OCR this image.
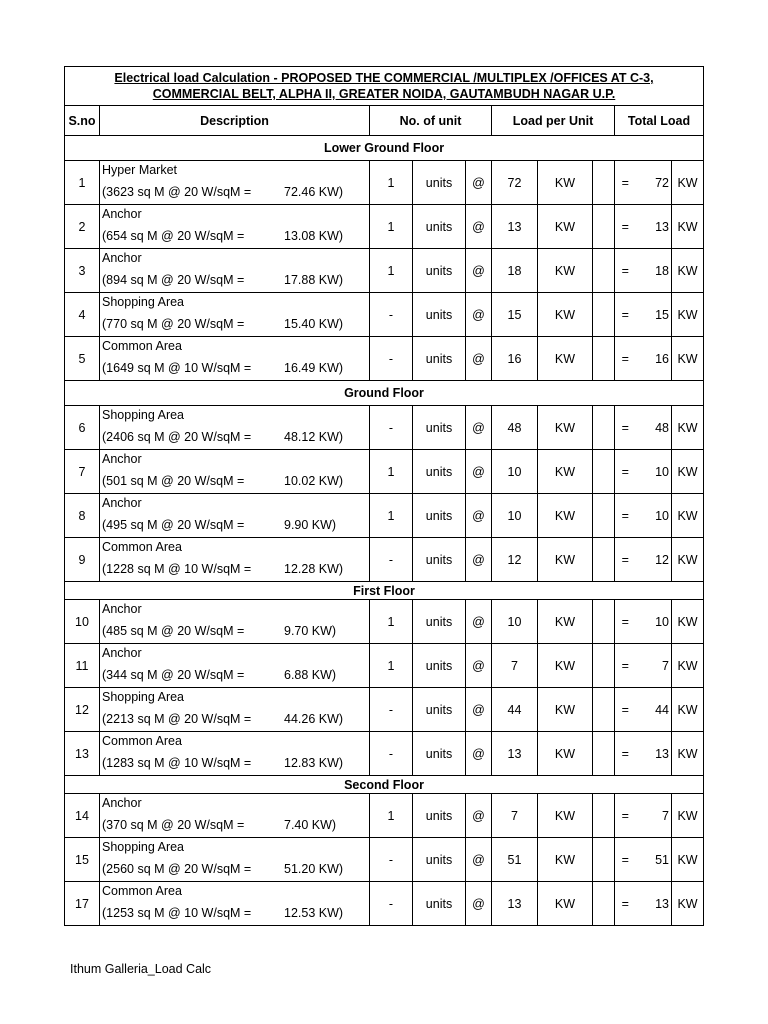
Electrical load Calculation - PROPOSED THE COMMERCIAL /MULTIPLEX /OFFICES AT C-3,
COMMERCIAL BELT, ALPHA II, GREATER NOIDA, GAUTAMBUDH NAGAR U.P.										

S.no	Description	No. of unit			Load per Unit			Total Load		
Lower Ground Floor										
1	Hyper Market
(3623 sq M @ 20 W/sqM = 72.46 KW)	1	units	@	72	KW		=	72	KW
2	Anchor
(654 sq M @ 20 W/sqM = 13.08 KW)	1	units	@	13	KW		=	13	KW
3	Anchor
(894 sq M @ 20 W/sqM = 17.88 KW)	1	units	@	18	KW		=	18	KW
4	Shopping Area
(770 sq M @ 20 W/sqM = 15.40 KW)	-	units	@	15	KW		=	15	KW
5	Common Area
(1649 sq M @ 10 W/sqM = 16.49 KW)	-	units	@	16	KW		=	16	KW
Ground Floor										
6	Shopping Area
(2406 sq M @ 20 W/sqM = 48.12 KW)	-	units	@	48	KW		=	48	KW
7	Anchor
(501 sq M @ 20 W/sqM = 10.02 KW)	1	units	@	10	KW		=	10	KW
8	Anchor
(495 sq M @ 20 W/sqM = 9.90 KW)	1	units	@	10	KW		=	10	KW
9	Common Area
(1228 sq M @ 10 W/sqM = 12.28 KW)	-	units	@	12	KW		=	12	KW
First Floor										
10	Anchor
(485 sq M @ 20 W/sqM = 9.70 KW)	1	units	@	10	KW		=	10	KW
11	Anchor
(344 sq M @ 20 W/sqM = 6.88 KW)	1	units	@	7	KW		=	7	KW
12	Shopping Area
(2213 sq M @ 20 W/sqM = 44.26 KW)	-	units	@	44	KW		=	44	KW
13	Common Area
(1283 sq M @ 10 W/sqM = 12.83 KW)	-	units	@	13	KW		=	13	KW
Second Floor										
14	Anchor
(370 sq M @ 20 W/sqM = 7.40 KW)	1	units	@	7	KW		=	7	KW
15	Shopping Area
(2560 sq M @ 20 W/sqM = 51.20 KW)	-	units	@	51	KW		=	51	KW
17	Common Area
(1253 sq M @ 10 W/sqM = 12.53 KW)	-	units	@	13	KW		=	13	KW
Ithum Galleria_Load Calc
